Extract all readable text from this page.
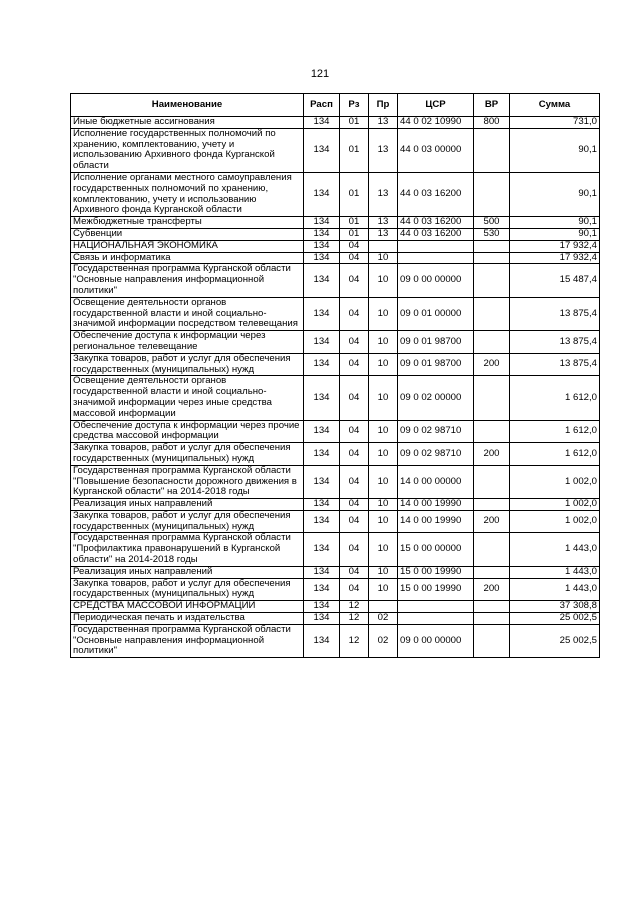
121
Наименование	Расп	Рз	Пр	ЦСР	ВР	Сумма
Иные бюджетные ассигнования	134	01	13	44 0 02 10990	800	731,0
Исполнение государственных полномочий по хранению, комплектованию, учету и использованию Архивного фонда Курганской области	134	01	13	44 0 03 00000		90,1
Исполнение органами местного самоуправления государственных полномочий по хранению, комплектованию, учету и использованию Архивного фонда Курганской области	134	01	13	44 0 03 16200		90,1
Межбюджетные трансферты	134	01	13	44 0 03 16200	500	90,1
Субвенции	134	01	13	44 0 03 16200	530	90,1
НАЦИОНАЛЬНАЯ ЭКОНОМИКА	134	04				17 932,4
Связь и информатика	134	04	10			17 932,4
Государственная программа Курганской области "Основные направления информационной политики"	134	04	10	09 0 00 00000		15 487,4
Освещение деятельности органов государственной власти и иной социально-значимой информации посредством телевещания	134	04	10	09 0 01 00000		13 875,4
Обеспечение доступа к информации через региональное телевещание	134	04	10	09 0 01 98700		13 875,4
Закупка товаров, работ и услуг для обеспечения государственных (муниципальных) нужд	134	04	10	09 0 01 98700	200	13 875,4
Освещение деятельности органов государственной власти и иной социально-значимой информации через иные средства массовой информации	134	04	10	09 0 02 00000		1 612,0
Обеспечение доступа к информации через прочие средства массовой информации	134	04	10	09 0 02 98710		1 612,0
Закупка товаров, работ и услуг для обеспечения государственных (муниципальных) нужд	134	04	10	09 0 02 98710	200	1 612,0
Государственная программа Курганской области "Повышение безопасности дорожного движения в Курганской области" на 2014-2018 годы	134	04	10	14 0 00 00000		1 002,0
Реализация иных направлений	134	04	10	14 0 00 19990		1 002,0
Закупка товаров, работ и услуг для обеспечения государственных (муниципальных) нужд	134	04	10	14 0 00 19990	200	1 002,0
Государственная программа Курганской области "Профилактика правонарушений в Курганской области" на 2014-2018 годы	134	04	10	15 0 00 00000		1 443,0
Реализация иных направлений	134	04	10	15 0 00 19990		1 443,0
Закупка товаров, работ и услуг для обеспечения государственных (муниципальных) нужд	134	04	10	15 0 00 19990	200	1 443,0
СРЕДСТВА МАССОВОЙ ИНФОРМАЦИИ	134	12				37 308,8
Периодическая печать и издательства	134	12	02			25 002,5
Государственная программа Курганской области "Основные направления информационной политики"	134	12	02	09 0 00 00000		25 002,5
